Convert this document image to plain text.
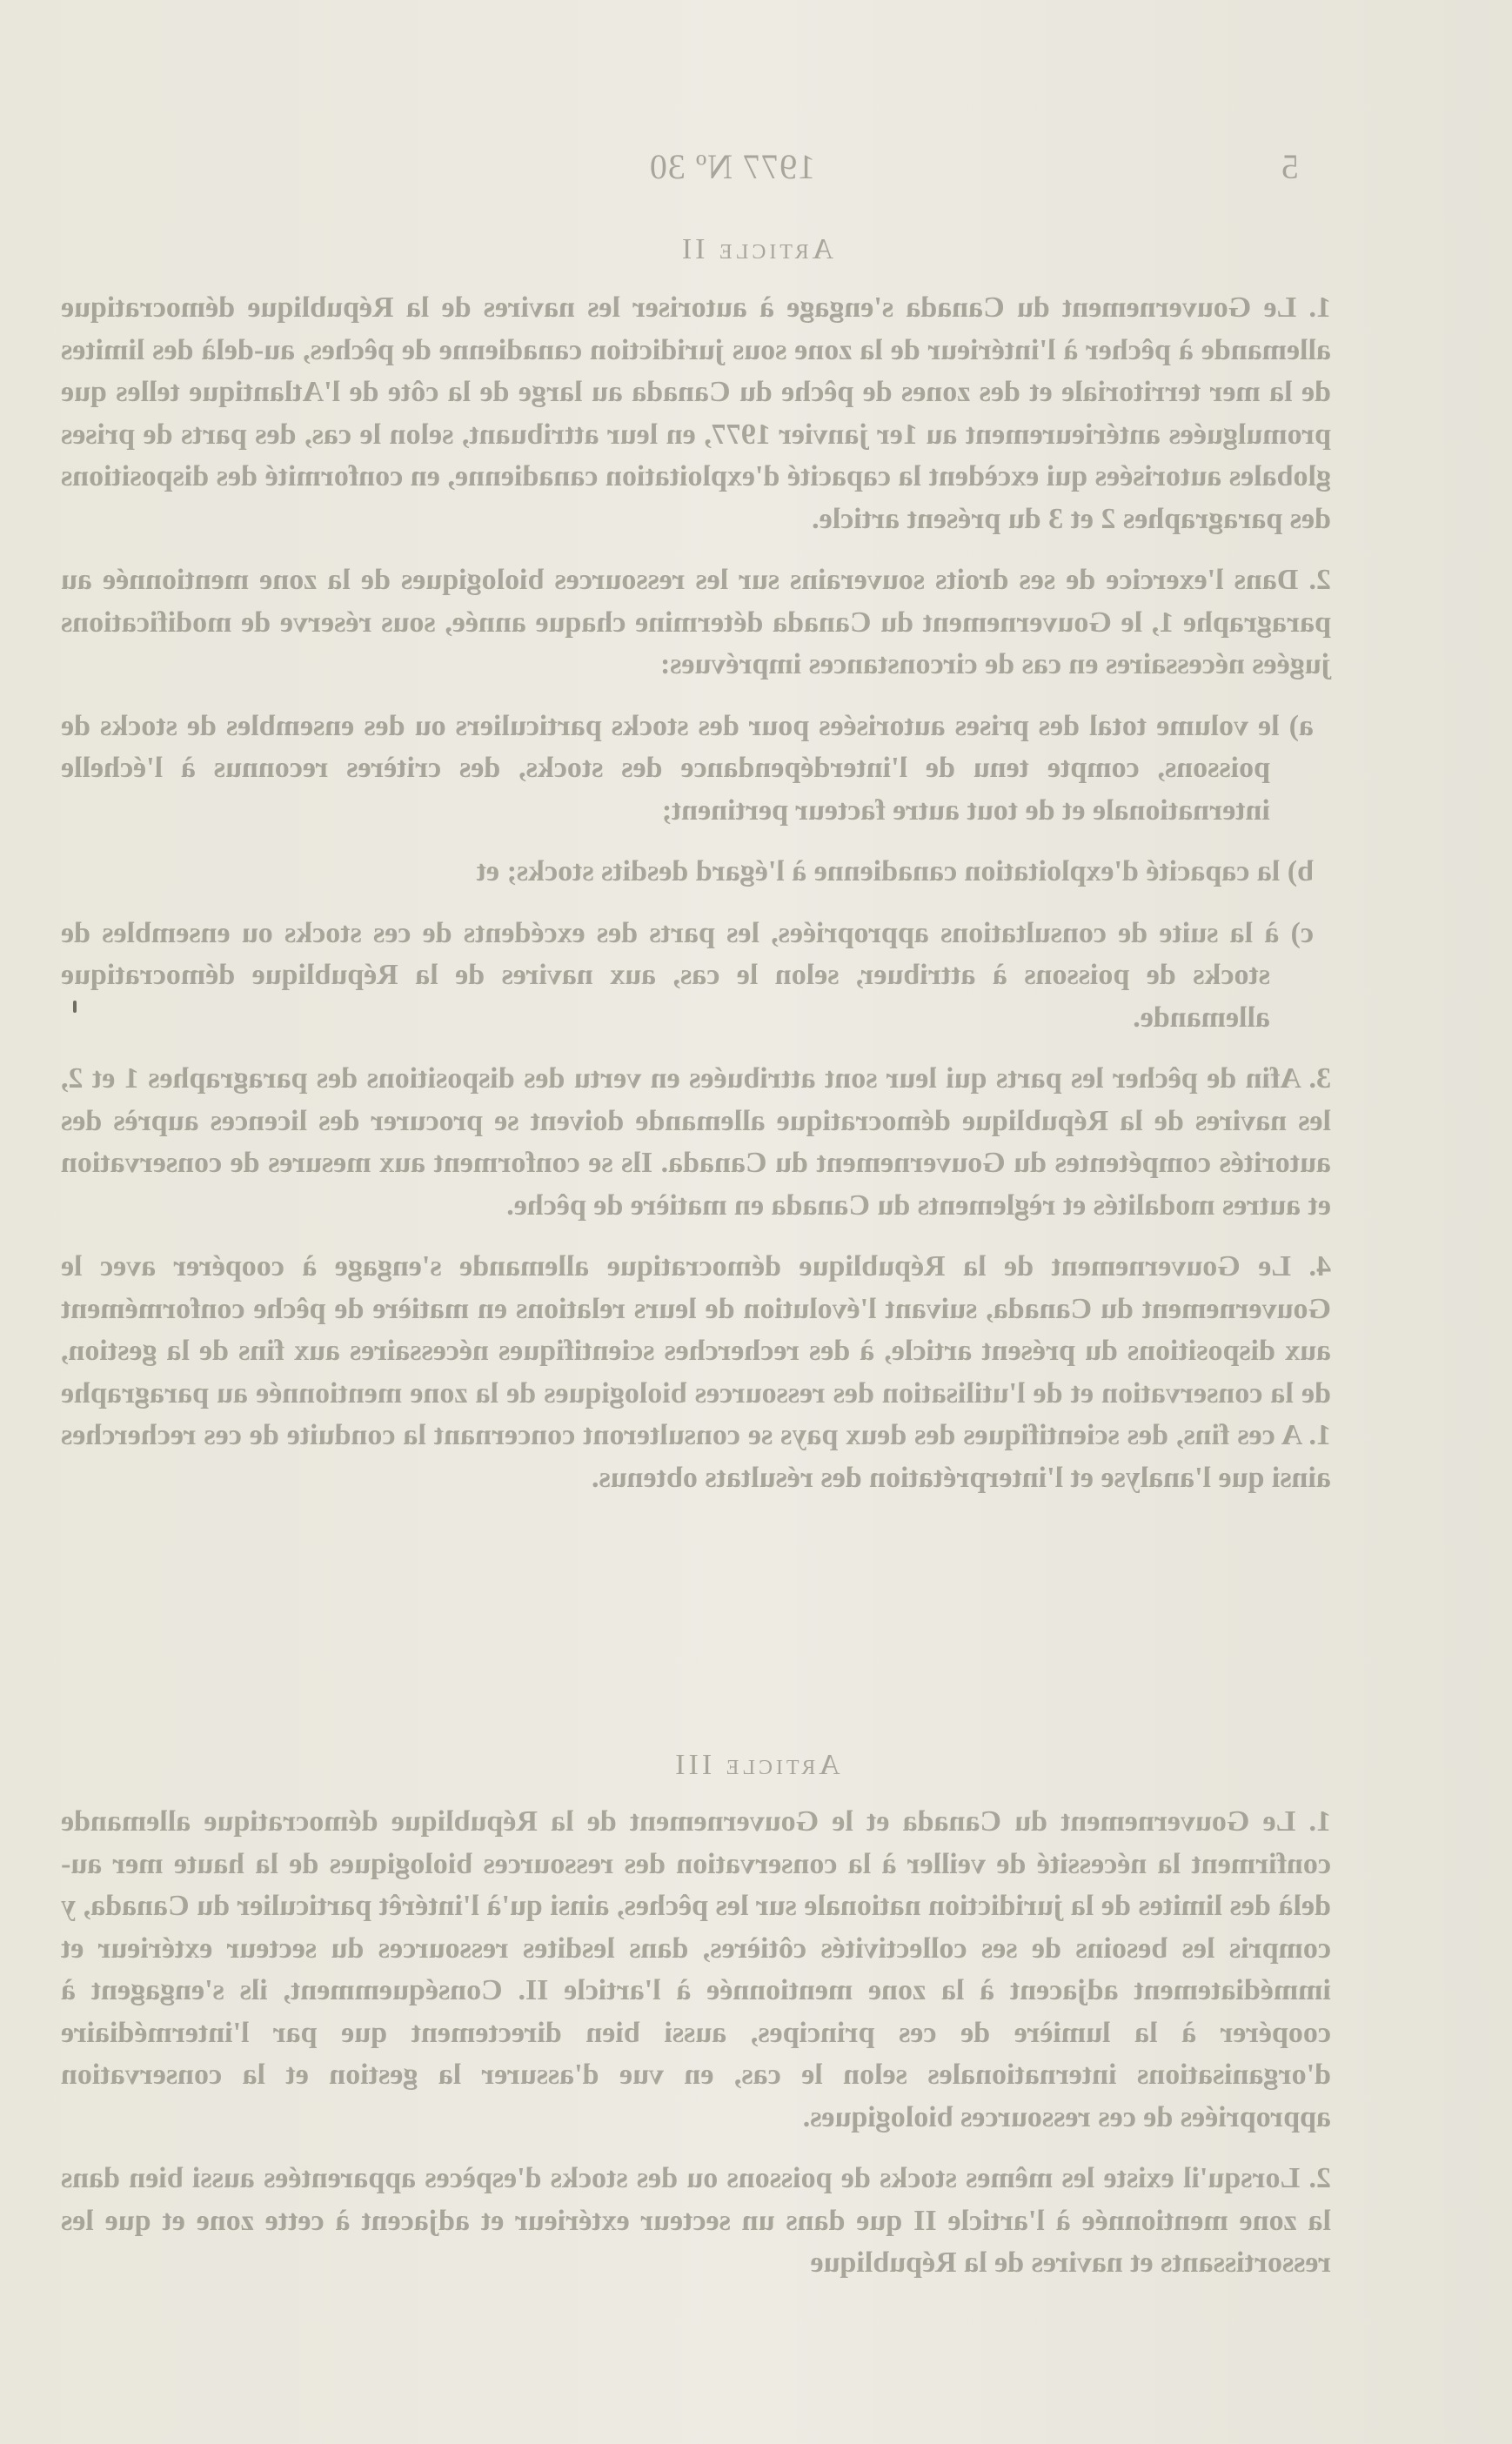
5
1977 Nº 30
Article II

1. Le Gouvernement du Canada s'engage à autoriser les navires de la République démocratique allemande à pêcher à l'intérieur de la zone sous juridiction canadienne de pêches, au-delà des limites de la mer territoriale et des zones de pêche du Canada au large de la côte de l'Atlantique telles que promulguées antérieurement au 1er janvier 1977, en leur attribuant, selon le cas, des parts de prises globales autorisées qui excèdent la capacité d'exploitation canadienne, en conformité des dispositions des paragraphes 2 et 3 du présent article.

2. Dans l'exercice de ses droits souverains sur les ressources biologiques de la zone mentionnée au paragraphe 1, le Gouvernement du Canada détermine chaque année, sous réserve de modifications jugées nécessaires en cas de circonstances imprévues:

a) le volume total des prises autorisées pour des stocks particuliers ou des ensembles de stocks de poissons, compte tenu de l'interdépendance des stocks, des critères reconnus à l'échelle internationale et de tout autre facteur pertinent;
b) la capacité d'exploitation canadienne à l'égard desdits stocks; et
c) à la suite de consultations appropriées, les parts des excédents de ces stocks ou ensembles de stocks de poissons à attribuer, selon le cas, aux navires de la République démocratique allemande.

3. Afin de pêcher les parts qui leur sont attribuées en vertu des dispositions des paragraphes 1 et 2, les navires de la République démocratique allemande doivent se procurer des licences auprès des autorités compétentes du Gouvernement du Canada. Ils se conforment aux mesures de conservation et autres modalités et règlements du Canada en matière de pêche.

4. Le Gouvernement de la République démocratique allemande s'engage à coopérer avec le Gouvernement du Canada, suivant l'évolution de leurs relations en matière de pêche conformément aux dispositions du présent article, à des recherches scientifiques nécessaires aux fins de la gestion, de la conservation et de l'utilisation des ressources biologiques de la zone mentionnée au paragraphe 1. A ces fins, des scientifiques des deux pays se consulteront concernant la conduite de ces recherches ainsi que l'analyse et l'interprétation des résultats obtenus.

Article III

1. Le Gouvernement du Canada et le Gouvernement de la République démocratique allemande confirment la nécessité de veiller à la conservation des ressources biologiques de la haute mer au-delà des limites de la juridiction nationale sur les pêches, ainsi qu'à l'intérêt particulier du Canada, y compris les besoins de ses collectivités côtières, dans lesdites ressources du secteur extérieur et immédiatement adjacent à la zone mentionnée à l'article II. Conséquemment, ils s'engagent à coopérer à la lumière de ces principes, aussi bien directement que par l'intermédiaire d'organisations internationales selon le cas, en vue d'assurer la gestion et la conservation appropriées de ces ressources biologiques.

2. Lorsqu'il existe les mêmes stocks de poissons ou des stocks d'espèces apparentées aussi bien dans la zone mentionnée à l'article II que dans un secteur extérieur et adjacent à cette zone et que les ressortissants et navires de la République
